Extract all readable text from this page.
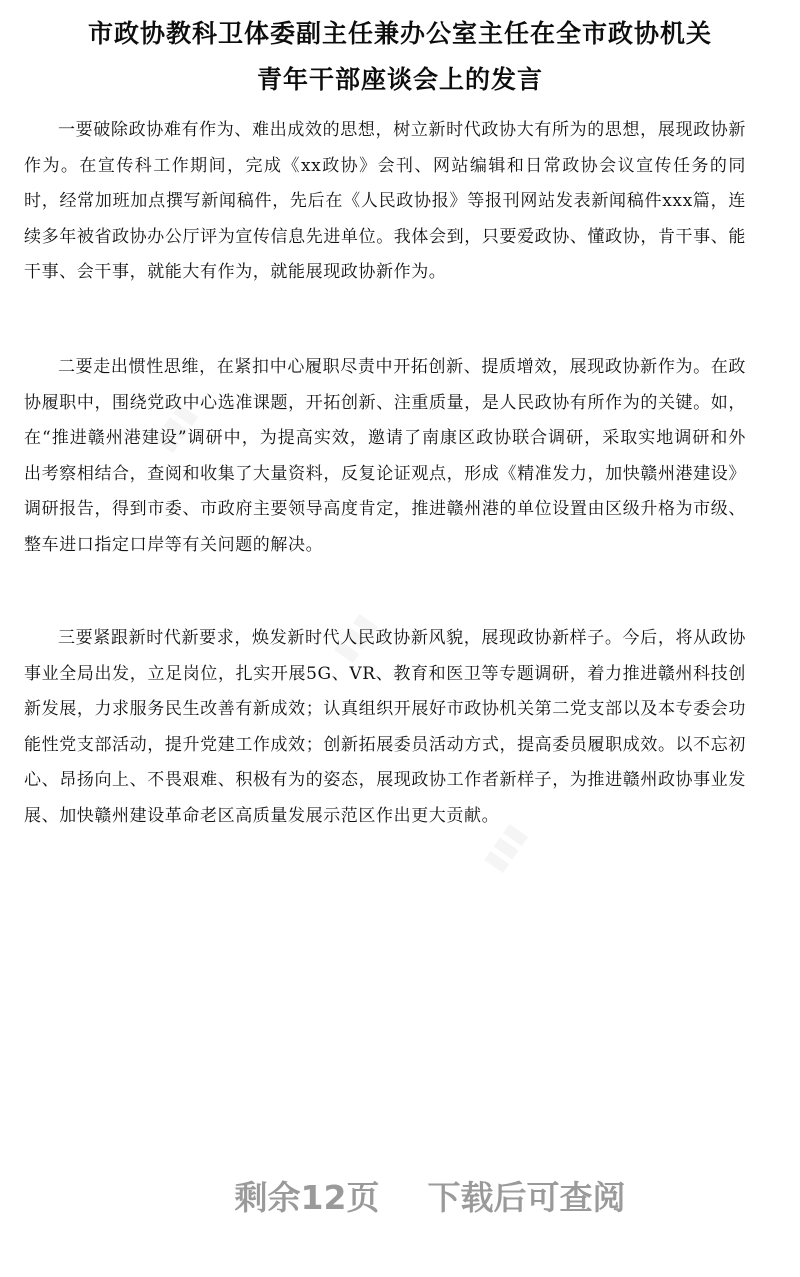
市政协教科卫体委副主任兼办公室主任在全市政协机关
青年干部座谈会上的发言

一要破除政协难有作为、难出成效的思想，树立新时代政协大有所为的思想，展现政协新作为。在宣传科工作期间，完成《xx政协》会刊、网站编辑和日常政协会议宣传任务的同时，经常加班加点撰写新闻稿件，先后在《人民政协报》等报刊网站发表新闻稿件xxx篇，连续多年被省政协办公厅评为宣传信息先进单位。我体会到，只要爱政协、懂政协，肯干事、能干事、会干事，就能大有作为，就能展现政协新作为。

二要走出惯性思维，在紧扣中心履职尽责中开拓创新、提质增效，展现政协新作为。在政协履职中，围绕党政中心选准课题，开拓创新、注重质量，是人民政协有所作为的关键。如，在“推进赣州港建设”调研中，为提高实效，邀请了南康区政协联合调研，采取实地调研和外出考察相结合，查阅和收集了大量资料，反复论证观点，形成《精准发力，加快赣州港建设》调研报告，得到市委、市政府主要领导高度肯定，推进赣州港的单位设置由区级升格为市级、整车进口指定口岸等有关问题的解决。

三要紧跟新时代新要求，焕发新时代人民政协新风貌，展现政协新样子。今后，将从政协事业全局出发，立足岗位，扎实开展5G、VR、教育和医卫等专题调研，着力推进赣州科技创新发展，力求服务民生改善有新成效；认真组织开展好市政协机关第二党支部以及本专委会功能性党支部活动，提升党建工作成效；创新拓展委员活动方式，提高委员履职成效。以不忘初心、昂扬向上、不畏艰难、积极有为的姿态，展现政协工作者新样子，为推进赣州政协事业发展、加快赣州建设革命老区高质量发展示范区作出更大贡献。

剩余12页 下载后可查阅
